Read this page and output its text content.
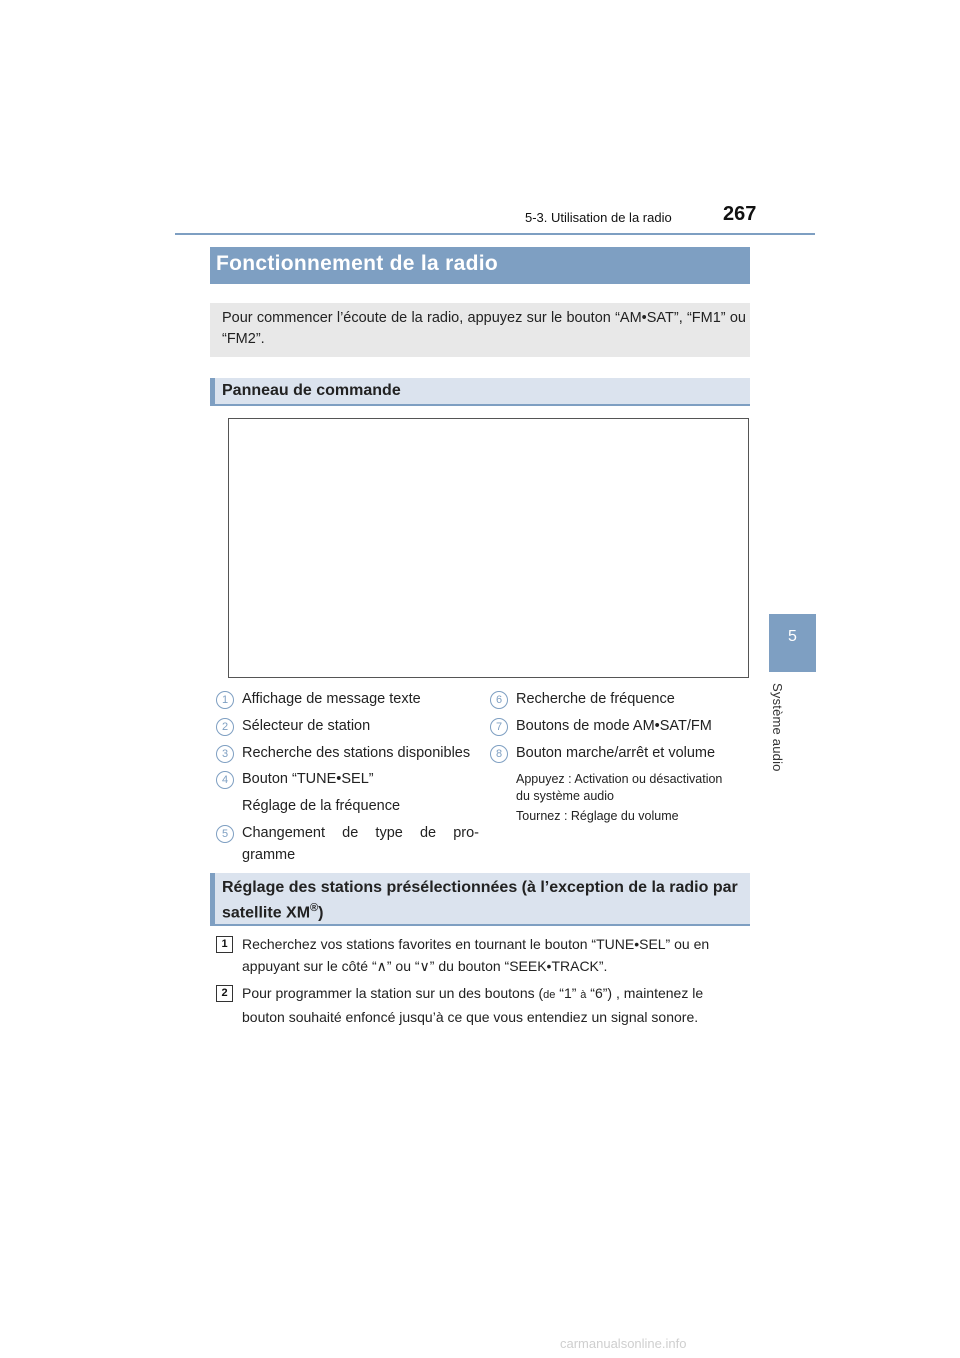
5-3. Utilisation de la radio	267
5
Système audio
Fonctionnement de la radio
Pour commencer l’écoute de la radio, appuyez sur le bouton “AM•SAT”, “FM1” ou “FM2”.
Panneau de commande
1 Affichage de message texte
2 Sélecteur de station
3 Recherche des stations disponibles
4 Bouton “TUNE•SEL”
Réglage de la fréquence
5 Changement de type de pro-
gramme
6 Recherche de fréquence
7 Boutons de mode AM•SAT/FM
8 Bouton marche/arrêt et volume
Appuyez : Activation ou désactivation
du système audio
Tournez : Réglage du volume
Réglage des stations présélectionnées (à l’exception de la radio par
satellite XM®)
1	Recherchez vos stations favorites en tournant le bouton “TUNE•SEL” ou en
appuyant sur le côté “∧” ou “∨” du bouton “SEEK•TRACK”.
2	Pour programmer la station sur un des boutons (de “1” à “6”) , maintenez le
bouton souhaité enfoncé jusqu’à ce que vous entendiez un signal sonore.
carmanualsonline.info
